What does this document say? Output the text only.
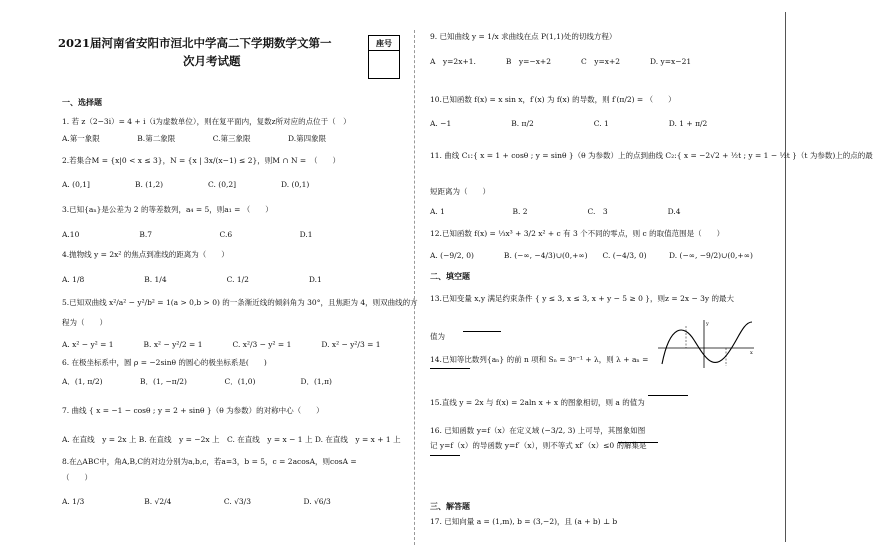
2021届河南省安阳市洹北中学高二下学期数学文第一
次月考试题
座号
一、选择题
1. 若 z（2−3i）= 4 + i（i为虚数单位），则在复平面内，复数z所对应的点位于（　）
A.第一象限　　　　　B.第二象限　　　　　C.第三象限　　　　　D.第四象限
2.若集合M = {x|0 < x ≤ 3}，N = {x | 3x/(x−1) ≤ 2}，则M ∩ N =　（　　）
A. (0,1]　　　　　　B. (1,2)　　　　　　C. (0,2]　　　　　　D. (0,1)
3.已知{aₙ}是公差为 2 的等差数列，a₄ = 5，则a₁ = （　　）
A.10　　　　　　　　B.7　　　　　　　　　C.6　　　　　　　　　D.1
4.抛物线 y = 2x² 的焦点到准线的距离为（　　）
A. 1/8　　　　　　　　B. 1/4　　　　　　　　C. 1/2　　　　　　　　D.1
5.已知双曲线 x²/a² − y²/b² = 1(a > 0,b > 0) 的一条渐近线的倾斜角为 30°，且焦距为 4，则双曲线的方
程为（　　）
A. x² − y² = 1　　　　B. x² − y²/2 = 1　　　　C. x²/3 − y² = 1　　　　D. x² − y²/3 = 1
6. 在极坐标系中，圆 ρ = −2sinθ 的圆心的极坐标系是(　　)
A．(1, π/2)　　　　　B．(1, −π/2)　　　　　C．(1,0)　　　　　　D．(1,π)
7. 曲线 { x = −1 − cosθ ; y = 2 + sinθ }（θ 为参数）的对称中心（　　）
A. 在直线　y = 2x 上 B. 在直线　y = −2x 上　C. 在直线　y = x − 1 上 D. 在直线　y = x + 1 上
8.在△ABC中，角A,B,C的对边分别为a,b,c，若a=3，b = 5，c = 2acosA，则cosA =
（　　）
A. 1/3　　　　　　　　B. √2/4　　　　　　　C. √3/3　　　　　　　D. √6/3
9. 已知曲线 y = 1/x 求曲线在点 P(1,1)处的切线方程）
A　y=2x+1.　　　　B　y=−x+2　　　　C　y=x+2　　　　D. y=x−21
10.已知函数 f(x) = x sin x，f′(x) 为 f(x) 的导数，则 f′(π/2) = （　　）
A. −1　　　　　　　　B. π/2　　　　　　　　C. 1　　　　　　　　D. 1 + π/2
11. 曲线 C₁:{ x = 1 + cosθ ; y = sinθ }（θ 为参数）上的点到曲线 C₂:{ x = −2√2 + ½t ; y = 1 − ½t }（t 为参数)上的点的最
短距离为（　　）
A. 1　　　　　　　　　B. 2　　　　　　　　C.　3　　　　　　　　D.4
12.已知函数 f(x) = ⅓x³ + 3/2 x² + c 有 3 个不同的零点，则 c 的取值范围是（　　）
A. (−9/2, 0)　　　　B. (−∞, −4/3)∪(0,+∞)　　C. (−4/3, 0)　　　D. (−∞, −9/2)∪(0,+∞)
13.已知变量 x,y 满足约束条件 { y ≤ 3, x ≤ 3, x + y − 5 ≥ 0 }，则z = 2x − 3y 的最大
值为
14.已知等比数列{aₙ} 的前 n 项和 Sₙ = 3ⁿ⁻¹ + λ，则 λ + aₙ =
15.直线 y = 2x 与 f(x) = 2aln x + x 的图象相切，则 a 的值为
16. 已知函数 y=f（x）在定义域 (−3/2, 3) 上可导，其图象如图
记 y=f（x）的导函数 y=f′（x），则不等式 xf′（x）≤0 的解集是
17. 已知向量 a = (1,m), b = (3,−2)，且 (a + b) ⊥ b
二、填空题
三、解答题
y
x
